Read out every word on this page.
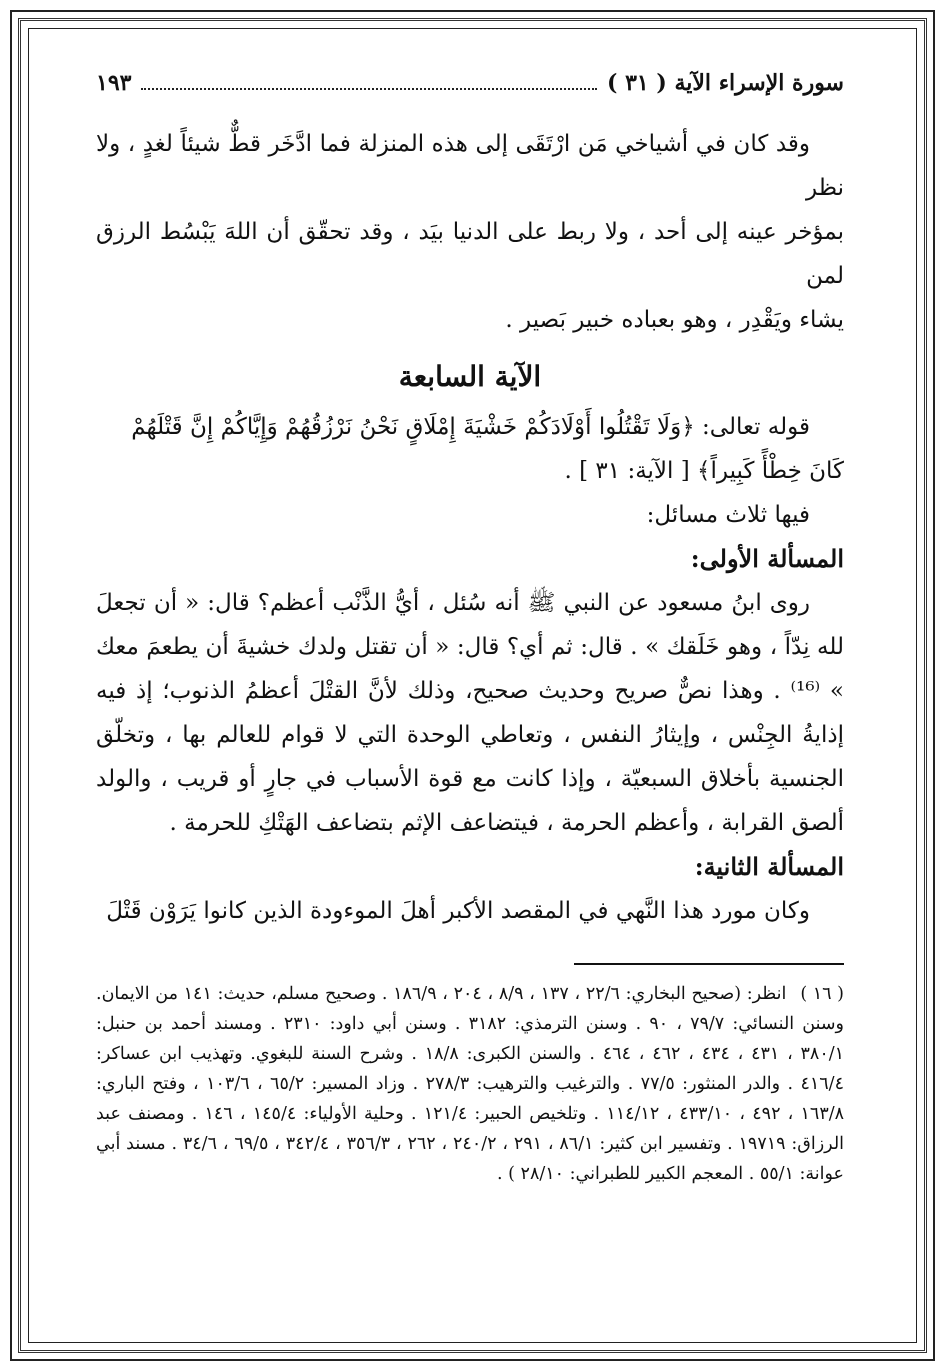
سورة الإسراء الآية ( ٣١ )
١٩٣

وقد كان في أشياخي مَن ارْتَقَى إلى هذه المنزلة فما ادَّخَر قطٌّ شيئاً لغدٍ ، ولا نظر

بمؤخر عينه إلى أحد ، ولا ربط على الدنيا بيَد ، وقد تحقّق أن اللهَ يَبْسُط الرزق لمن

يشاء ويَقْدِر ، وهو بعباده خبير بَصير .

الآية السابعة

قوله تعالى: ﴿وَلَا تَقْتُلُوا أَوْلَادَكُمْ خَشْيَةَ إِمْلَاقٍ نَحْنُ نَرْزُقُهُمْ وَإِيَّاكُمْ إِنَّ قَتْلَهُمْ

كَانَ خِطْأً كَبِيراً﴾ [ الآية: ٣١ ] .

فيها ثلاث مسائل:

المسألة الأولى:

روى ابنُ مسعود عن النبي ﷺ أنه سُئل ، أيُّ الذَّنْب أعظم؟ قال: « أن تجعلَ لله نِدّاً ، وهو خَلَقك » . قال: ثم أي؟ قال: « أن تقتل ولدك خشيةَ أن يطعمَ معك » ⁽¹⁶⁾ . وهذا نصٌّ صريح وحديث صحيح، وذلك لأنَّ القتْلَ أعظمُ الذنوب؛ إذ فيه إذايةُ الجِنْس ، وإيثارُ النفس ، وتعاطي الوحدة التي لا قوام للعالم بها ، وتخلّق الجنسية بأخلاق السبعيّة ، وإذا كانت مع قوة الأسباب في جارٍ أو قريب ، والولد ألصق القرابة ، وأعظم الحرمة ، فيتضاعف الإثم بتضاعف الهَتْكِ للحرمة .

المسألة الثانية:

وكان مورد هذا النَّهي في المقصد الأكبر أهلَ الموءودة الذين كانوا يَرَوْن قَتْلَ

( ١٦ )انظر: (صحيح البخاري: ٢٢/٦ ، ١٣٧ ، ٨/٩ ، ٢٠٤ ، ١٨٦/٩ . وصحيح مسلم، حديث: ١٤١ من الايمان. وسنن النسائي: ٧٩/٧ ، ٩٠ . وسنن الترمذي: ٣١٨٢ . وسنن أبي داود: ٢٣١٠ . ومسند أحمد بن حنبل: ٣٨٠/١ ، ٤٣١ ، ٤٣٤ ، ٤٦٢ ، ٤٦٤ . والسنن الكبرى: ١٨/٨ . وشرح السنة للبغوي. وتهذيب ابن عساكر: ٤١٦/٤ . والدر المنثور: ٧٧/٥ . والترغيب والترهيب: ٢٧٨/٣ . وزاد المسير: ٦٥/٢ ، ١٠٣/٦ ، وفتح الباري: ١٦٣/٨ ، ٤٩٢ ، ٤٣٣/١٠ ، ١١٤/١٢ . وتلخيص الحبير: ١٢١/٤ . وحلية الأولياء: ١٤٥/٤ ، ١٤٦ . ومصنف عبد الرزاق: ١٩٧١٩ . وتفسير ابن كثير: ٨٦/١ ، ٢٩١ ، ٢٤٠/٢ ، ٢٦٢ ، ٣٥٦/٣ ، ٣٤٢/٤ ، ٦٩/٥ ، ٣٤/٦ . مسند أبي عوانة: ٥٥/١ . المعجم الكبير للطبراني: ٢٨/١٠ ) .
